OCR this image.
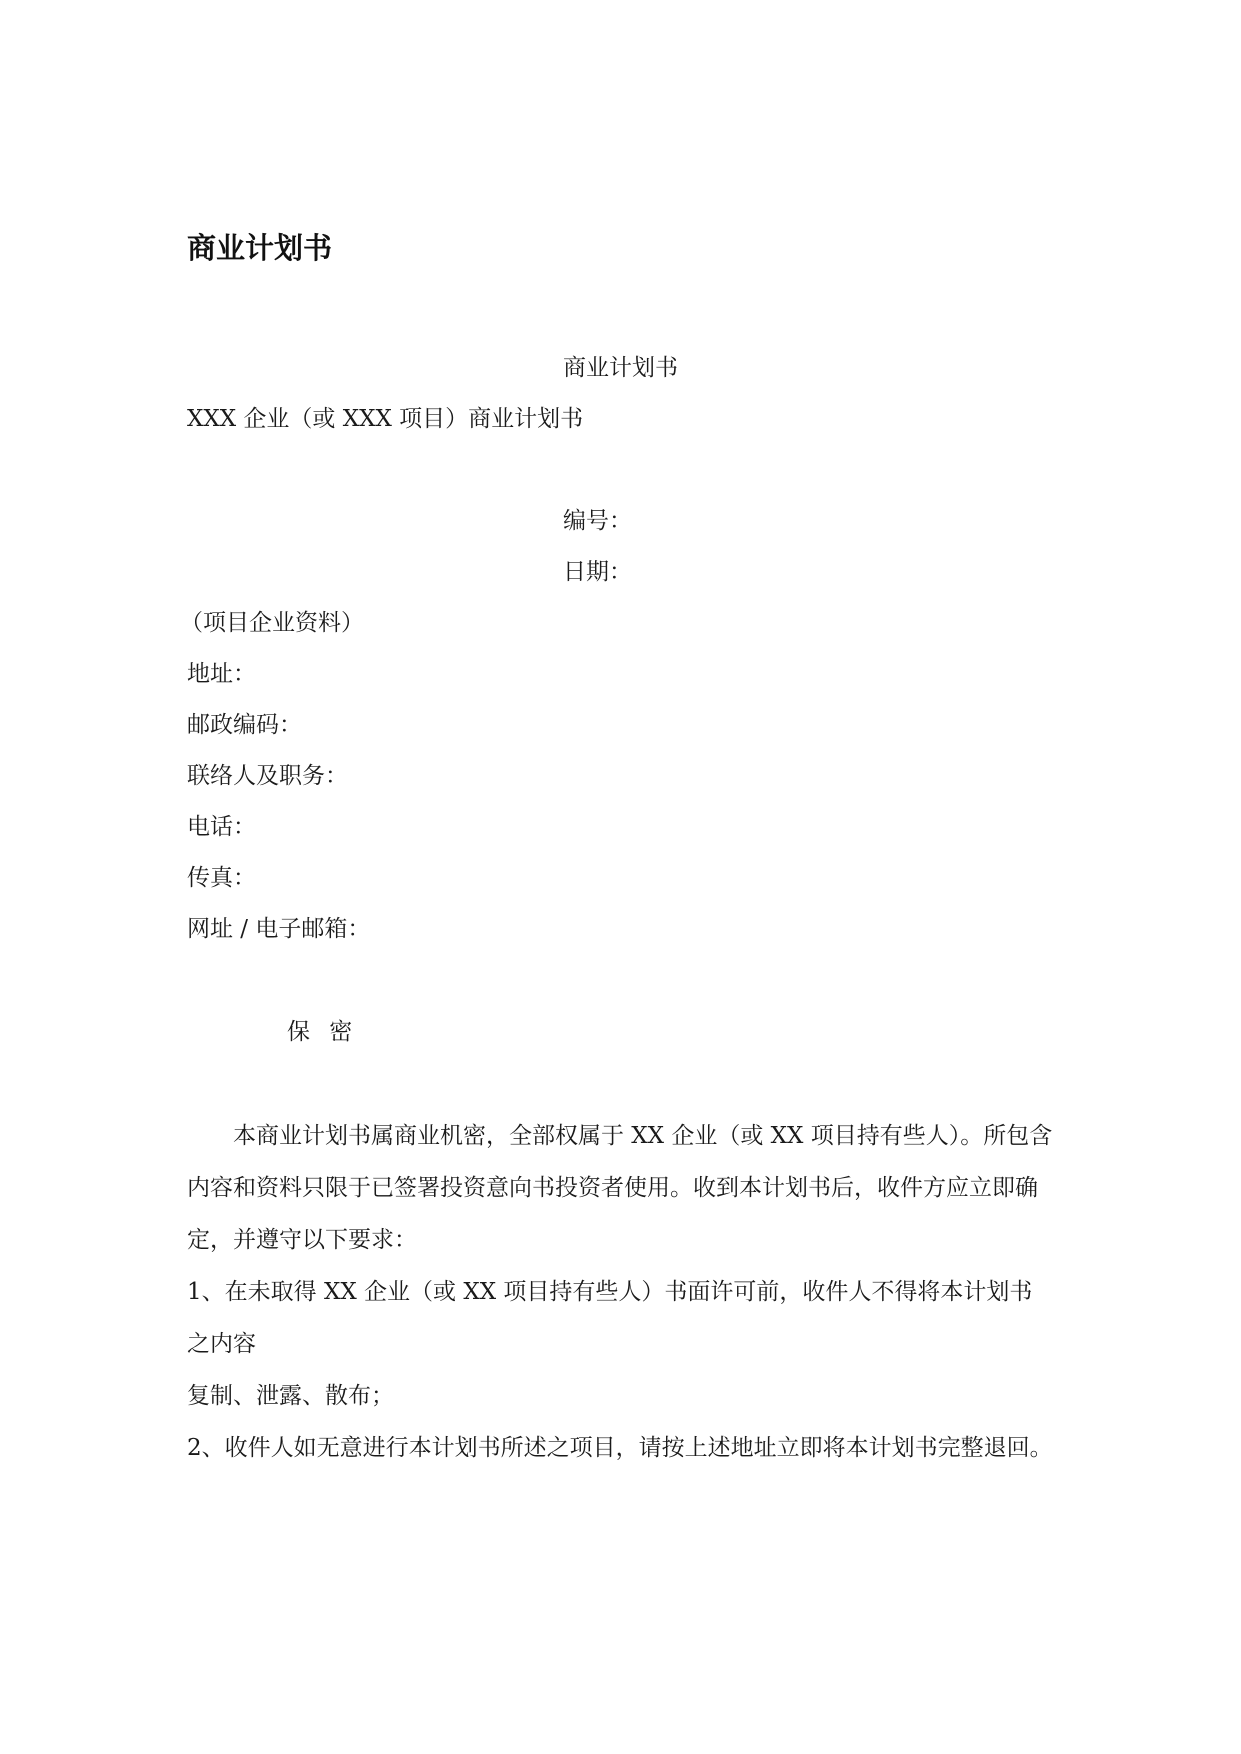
商业计划书

商业计划书

XXX 企业（或 XXX 项目）商业计划书

编号：

日期：

（项目企业资料）

地址：

邮政编码：

联络人及职务：

电话：

传真：

网址 / 电子邮箱：

保 密

本商业计划书属商业机密，全部权属于 XX 企业（或 XX 项目持有些人）。所包含内容和资料只限于已签署投资意向书投资者使用。收到本计划书后，收件方应立即确定，并遵守以下要求：

1、在未取得 XX 企业（或 XX 项目持有些人）书面许可前，收件人不得将本计划书之内容

复制、泄露、散布；

2、收件人如无意进行本计划书所述之项目，请按上述地址立即将本计划书完整退回。
